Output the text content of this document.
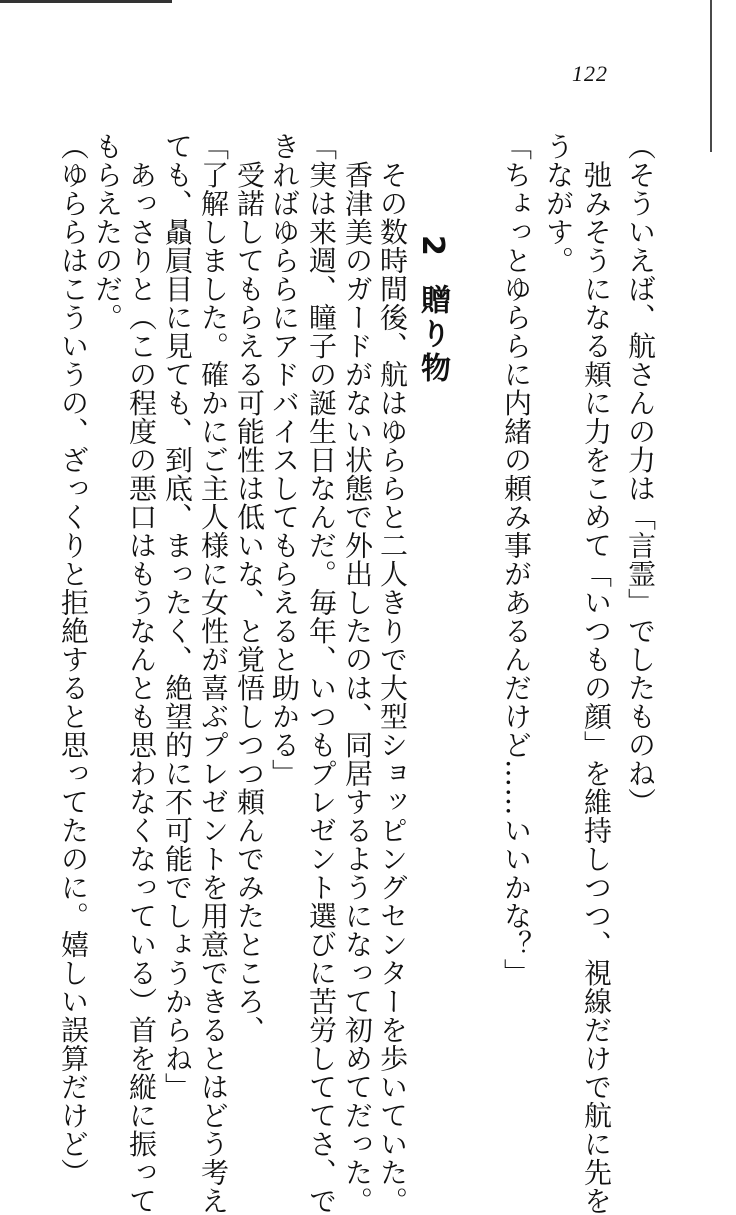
122
（そういえば、航さんの力は「言霊」でしたものね）
　弛みそうになる頬に力をこめて「いつもの顔」を維持しつつ、視線だけで航に先を
うながす。
「ちょっとゆららに内緒の頼み事があるんだけど……いいかな？」
2 贈り物
　その数時間後、航はゆららと二人きりで大型ショッピングセンターを歩いていた。
　香津美のガードがない状態で外出したのは、同居するようになって初めてだった。
「実は来週、瞳子の誕生日なんだ。毎年、いつもプレゼント選びに苦労しててさ、で
きればゆららにアドバイスしてもらえると助かる」
　受諾してもらえる可能性は低いな、と覚悟しつつ頼んでみたところ、
「了解しました。確かにご主人様に女性が喜ぶプレゼントを用意できるとはどう考え
ても、贔屓目に見ても、到底、まったく、絶望的に不可能でしょうからね」
　あっさりと（この程度の悪口はもうなんとも思わなくなっている）首を縦に振って
もらえたのだ。
（ゆららはこういうの、ざっくりと拒絶すると思ってたのに。嬉しい誤算だけど）
